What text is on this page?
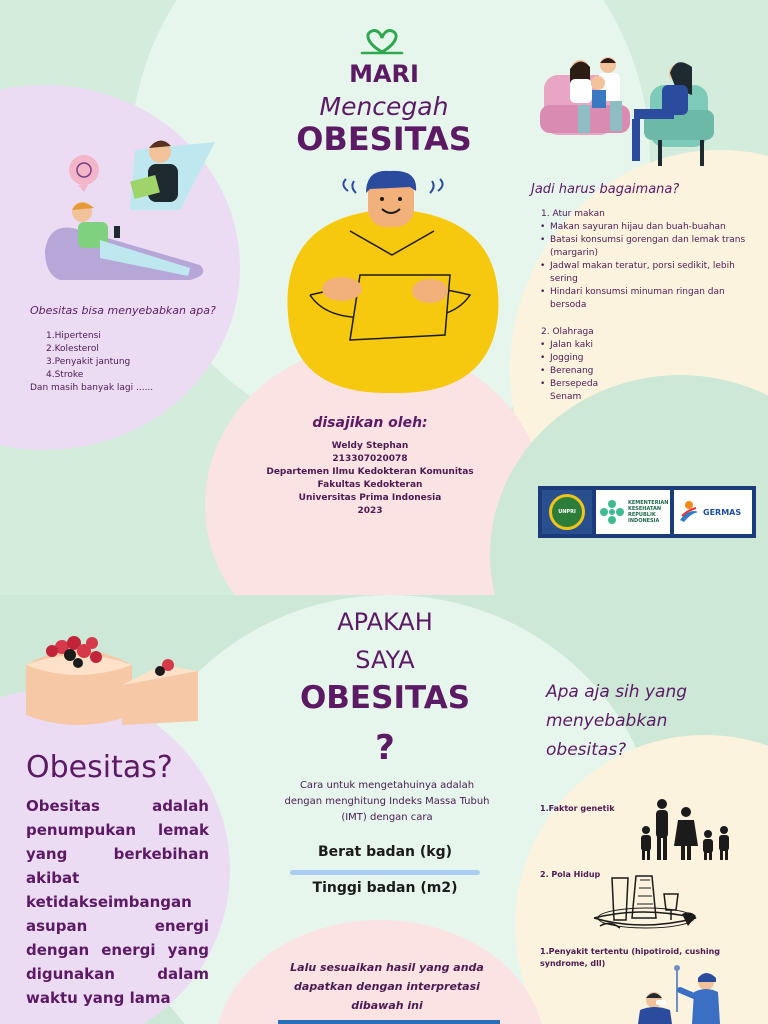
MARI
Mencegah
OBESITAS
Obesitas bisa menyebabkan apa?
1.Hipertensi
2.Kolesterol
3.Penyakit jantung
4.Stroke
Dan masih banyak lagi ......
disajikan oleh:
Weldy Stephan
213307020078
Departemen Ilmu Kedokteran Komunitas
Fakultas Kedokteran
Universitas Prima Indonesia
2023
Jadi harus bagaimana?
1. Atur makan
• Makan sayuran hijau dan buah-buahan
• Batasi konsumsi gorengan dan lemak trans (margarin)
• Jadwal makan teratur, porsi sedikit, lebih sering
• Hindari konsumsi minuman ringan dan bersoda
2. Olahraga
• Jalan kaki
• Jogging
• Berenang
• Bersepeda
• Senam
UNPRI
KEMENTERIAN
KESEHATAN
REPUBLIK
INDONESIA
GERMAS
APAKAH
SAYA
OBESITAS
?
Obesitas?
Obesitas adalah penumpukan lemak yang berkebihan akibat ketidakseimbangan asupan energi dengan energi yang digunakan dalam waktu yang lama
Cara untuk mengetahuinya adalah dengan menghitung Indeks Massa Tubuh (IMT) dengan cara
Berat badan (kg)
Tinggi badan (m2)
Lalu sesuaikan hasil yang anda dapatkan dengan interpretasi dibawah ini
Apa aja sih yang menyebabkan obesitas?
1.Faktor genetik
2. Pola Hidup
1.Penyakit tertentu (hipotiroid, cushing syndrome, dll)
